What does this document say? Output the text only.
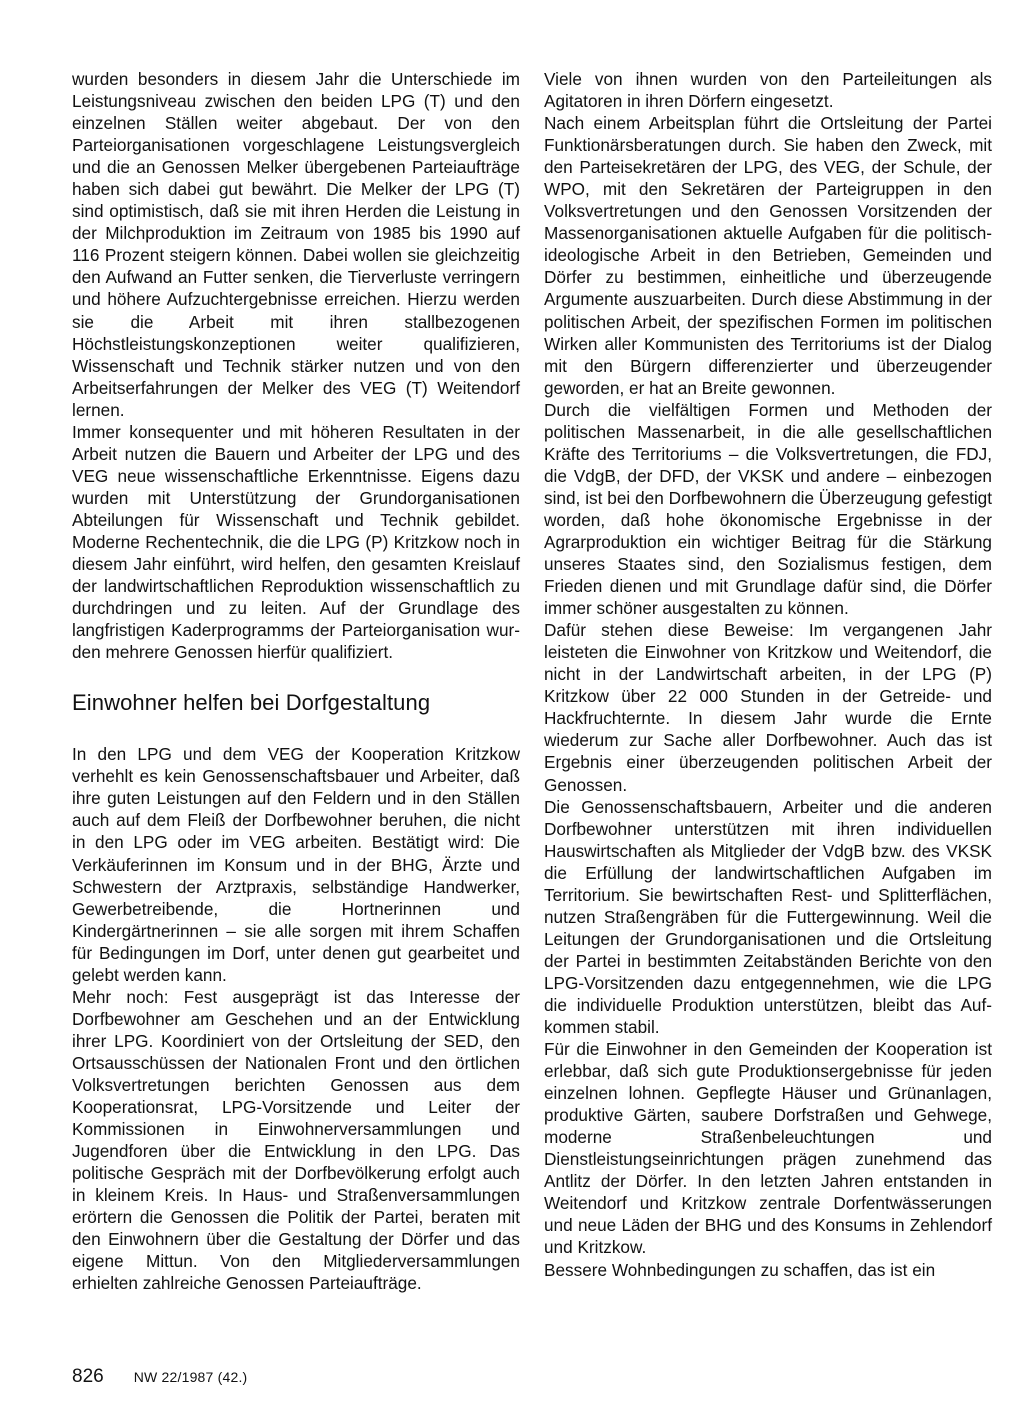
wurden besonders in diesem Jahr die Unterschiede im Leistungsniveau zwischen den beiden LPG (T) und den einzelnen Ställen weiter abgebaut. Der von den Parteiorganisationen vorgeschlagene Leistungsvergleich und die an Genossen Melker übergebenen Parteiaufträge haben sich dabei gut bewährt. Die Melker der LPG (T) sind optimistisch, daß sie mit ihren Herden die Leistung in der Milchproduktion im Zeitraum von 1985 bis 1990 auf 116 Prozent steigern können. Dabei wollen sie gleichzeitig den Aufwand an Futter senken, die Tierverluste verringern und höhere Aufzuchtergebnisse erreichen. Hierzu werden sie die Arbeit mit ihren stallbezogenen Höchstleistungskonzeptionen weiter qualifizieren, Wissenschaft und Technik stärker nutzen und von den Arbeitserfahrungen der Melker des VEG (T) Weitendorf lernen.

Immer konsequenter und mit höheren Resultaten in der Arbeit nutzen die Bauern und Arbeiter der LPG und des VEG neue wissenschaftliche Erkenntnisse. Eigens dazu wurden mit Unterstützung der Grundorganisationen Abteilungen für Wissenschaft und Technik gebildet. Moderne Rechentechnik, die die LPG (P) Kritzkow noch in diesem Jahr einführt, wird helfen, den gesamten Kreislauf der landwirtschaftlichen Reproduktion wissenschaftlich zu durchdringen und zu leiten. Auf der Grundlage des langfristigen Kaderprogramms der Parteiorganisation wurden mehrere Genossen hierfür qualifiziert.

Einwohner helfen bei Dorfgestaltung

In den LPG und dem VEG der Kooperation Kritzkow verhehlt es kein Genossenschaftsbauer und Arbeiter, daß ihre guten Leistungen auf den Feldern und in den Ställen auch auf dem Fleiß der Dorfbewohner beruhen, die nicht in den LPG oder im VEG arbeiten. Bestätigt wird: Die Verkäuferinnen im Konsum und in der BHG, Ärzte und Schwestern der Arztpraxis, selbständige Handwerker, Gewerbetreibende, die Hortnerinnen und Kindergärtnerinnen – sie alle sorgen mit ihrem Schaffen für Bedingungen im Dorf, unter denen gut gearbeitet und gelebt werden kann.

Mehr noch: Fest ausgeprägt ist das Interesse der Dorfbewohner am Geschehen und an der Entwicklung ihrer LPG. Koordiniert von der Ortsleitung der SED, den Ortsausschüssen der Nationalen Front und den örtlichen Volksvertretungen berichten Genossen aus dem Kooperationsrat, LPG-Vorsitzende und Leiter der Kommissionen in Einwohnerversammlungen und Jugendforen über die Entwicklung in den LPG. Das politische Gespräch mit der Dorfbevölkerung erfolgt auch in kleinem Kreis. In Haus- und Straßenversammlungen erörtern die Genossen die Politik der Partei, beraten mit den Einwohnern über die Gestaltung der Dörfer und das eigene Mittun. Von den Mitgliederversammlungen erhielten zahlreiche Genossen Parteiaufträge.

Viele von ihnen wurden von den Parteileitungen als Agitatoren in ihren Dörfern eingesetzt.

Nach einem Arbeitsplan führt die Ortsleitung der Partei Funktionärsberatungen durch. Sie haben den Zweck, mit den Parteisekretären der LPG, des VEG, der Schule, der WPO, mit den Sekretären der Parteigruppen in den Volksvertretungen und den Genossen Vorsitzenden der Massenorganisationen aktuelle Aufgaben für die politisch-ideologische Arbeit in den Betrieben, Gemeinden und Dörfer zu bestimmen, einheitliche und überzeugende Argumente auszuarbeiten. Durch diese Abstimmung in der politischen Arbeit, der spezifischen Formen im politischen Wirken aller Kommunisten des Territoriums ist der Dialog mit den Bürgern differenzierter und überzeugender geworden, er hat an Breite gewonnen.

Durch die vielfältigen Formen und Methoden der politischen Massenarbeit, in die alle gesellschaftlichen Kräfte des Territoriums – die Volksvertretungen, die FDJ, die VdgB, der DFD, der VKSK und andere – einbezogen sind, ist bei den Dorfbewohnern die Überzeugung gefestigt worden, daß hohe ökonomische Ergebnisse in der Agrarproduktion ein wichtiger Beitrag für die Stärkung unseres Staates sind, den Sozialismus festigen, dem Frieden dienen und mit Grundlage dafür sind, die Dörfer immer schöner ausgestalten zu können.

Dafür stehen diese Beweise: Im vergangenen Jahr leisteten die Einwohner von Kritzkow und Weitendorf, die nicht in der Landwirtschaft arbeiten, in der LPG (P) Kritzkow über 22 000 Stunden in der Getreide- und Hackfruchternte. In diesem Jahr wurde die Ernte wiederum zur Sache aller Dorfbewohner. Auch das ist Ergebnis einer überzeugenden politischen Arbeit der Genossen.

Die Genossenschaftsbauern, Arbeiter und die anderen Dorfbewohner unterstützen mit ihren individuellen Hauswirtschaften als Mitglieder der VdgB bzw. des VKSK die Erfüllung der landwirtschaftlichen Aufgaben im Territorium. Sie bewirtschaften Rest- und Splitterflächen, nutzen Straßengräben für die Futtergewinnung. Weil die Leitungen der Grundorganisationen und die Ortsleitung der Partei in bestimmten Zeitabständen Berichte von den LPG-Vorsitzenden dazu entgegennehmen, wie die LPG die individuelle Produktion unterstützen, bleibt das Aufkommen stabil.

Für die Einwohner in den Gemeinden der Kooperation ist erlebbar, daß sich gute Produktionsergebnisse für jeden einzelnen lohnen. Gepflegte Häuser und Grünanlagen, produktive Gärten, saubere Dorfstraßen und Gehwege, moderne Straßenbeleuchtungen und Dienstleistungseinrichtungen prägen zunehmend das Antlitz der Dörfer. In den letzten Jahren entstanden in Weitendorf und Kritzkow zentrale Dorfentwässerungen und neue Läden der BHG und des Konsums in Zehlendorf und Kritzkow.

Bessere Wohnbedingungen zu schaffen, das ist ein

826 NW 22/1987 (42.)
